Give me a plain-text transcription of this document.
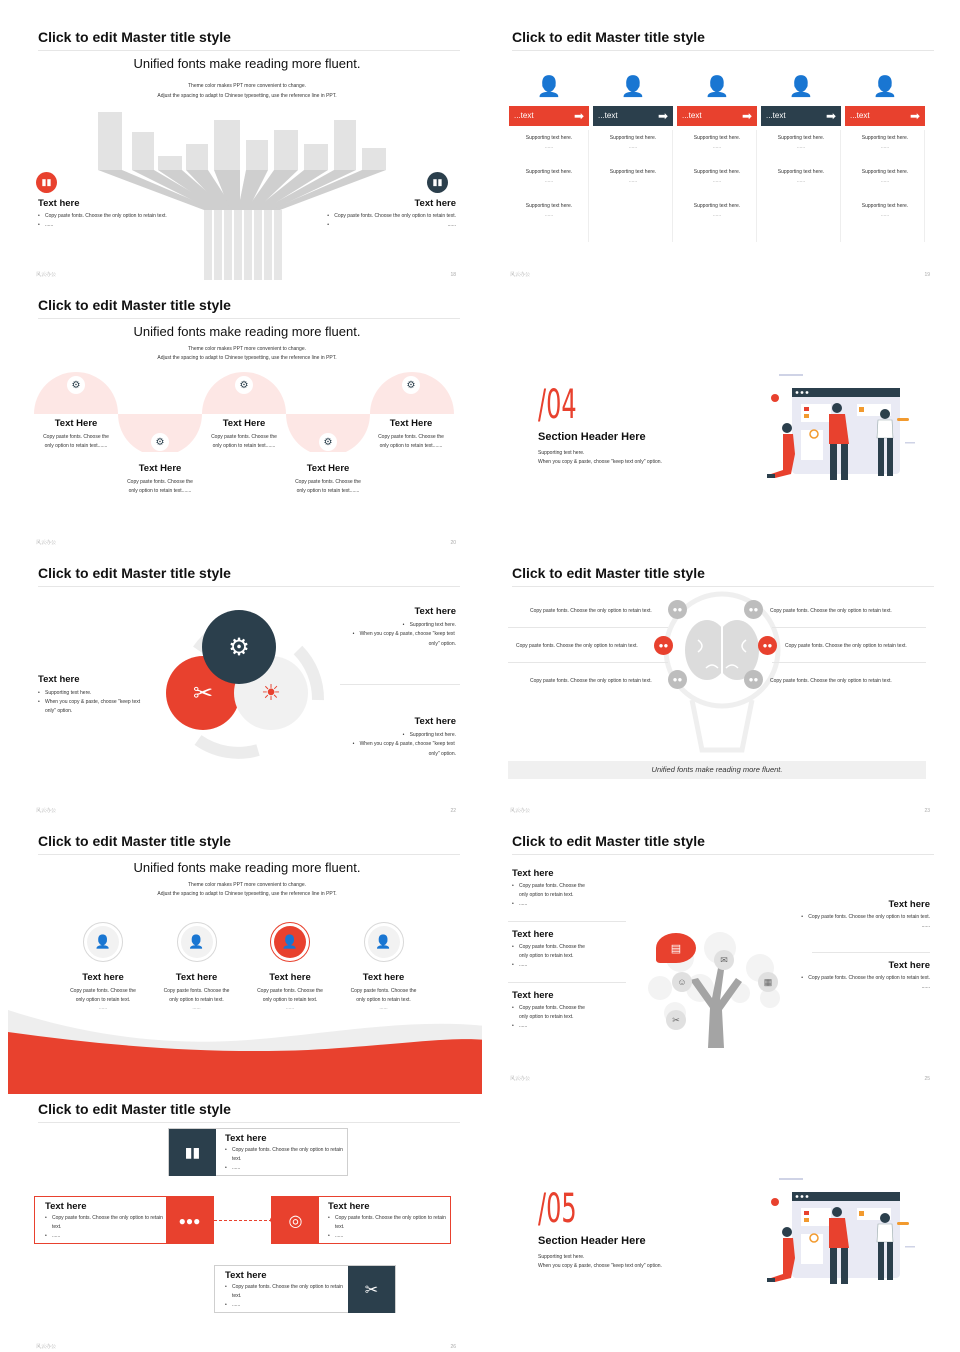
Click to edit Master title style
Unified fonts make reading more fluent.
Theme color makes PPT more convenient to change.
Adjust the spacing to adapt to Chinese typesetting, use the reference line in PPT.
▮▮
Text here
• Copy paste fonts. Choose the only option to retain text.
• ......
▮▮
Text here
• Copy paste fonts. Choose the only option to retain text.
• ......
风云办公	18
Click to edit Master title style
👤
...text	➡
Supporting text here.
......
Supporting text here.
......
Supporting text here.
......
👤
...text	➡
Supporting text here.
......
Supporting text here.
......
👤
...text	➡
Supporting text here.
......
Supporting text here.
......
Supporting text here.
......
👤
...text	➡
Supporting text here.
......
Supporting text here.
......
👤
...text	➡
Supporting text here.
......
Supporting text here.
......
Supporting text here.
......
风云办公	19
Click to edit Master title style
Unified fonts make reading more fluent.
Theme color makes PPT more convenient to change.
Adjust the spacing to adapt to Chinese typesetting, use the reference line in PPT.
⚙
⚙
⚙
⚙
⚙
Text Here
Copy paste fonts. Choose the
only option to retain text.......
Text Here
Copy paste fonts. Choose the
only option to retain text.......
Text Here
Copy paste fonts. Choose the
only option to retain text.......
Text Here
Copy paste fonts. Choose the
only option to retain text.......
Text Here
Copy paste fonts. Choose the
only option to retain text.......
风云办公	20
/04
Section Header Here
Supporting text here.
When you copy & paste, choose "keep text only" option.
Click to edit Master title style
✂	☀
⚙
Text here
• Supporting text here.
• When you copy & paste, choose "keep text
only" option.
Text here
• Supporting text here.
• When you copy & paste, choose "keep text
only" option.
Text here
• Supporting text here.
• When you copy & paste, choose "keep text
only" option.
风云办公	22
Click to edit Master title style
●●	●●
●●	●●
●●	●●
Copy paste fonts. Choose the only option to retain text.
Copy paste fonts. Choose the only option to retain text.
Copy paste fonts. Choose the only option to retain text.
Copy paste fonts. Choose the only option to retain text.
Copy paste fonts. Choose the only option to retain text.
Copy paste fonts. Choose the only option to retain text.
Unified fonts make reading more fluent.
风云办公	23
Click to edit Master title style
Unified fonts make reading more fluent.
Theme color makes PPT more convenient to change.
Adjust the spacing to adapt to Chinese typesetting, use the reference line in PPT.
👤
Text here
Copy paste fonts. Choose the
only option to retain text.
......
👤
Text here
Copy paste fonts. Choose the
only option to retain text.
......
👤
Text here
Copy paste fonts. Choose the
only option to retain text.
......
👤
Text here
Copy paste fonts. Choose the
only option to retain text.
......
Click to edit Master title style
Text here
• Copy paste fonts. Choose the
only option to retain text.
• ......
Text here
• Copy paste fonts. Choose the
only option to retain text.
• ......
Text here
• Copy paste fonts. Choose the
only option to retain text.
• ......
▤
☺
✉
▦
✂
Text here
• Copy paste fonts. Choose the only option to retain text.
......
Text here
• Copy paste fonts. Choose the only option to retain text.
......
风云办公	25
Click to edit Master title style
▮▮
Text here
• Copy paste fonts. Choose the only option to retain text.
• ......
Text here
• Copy paste fonts. Choose the only option to retain text.
• ......
●●●	◎
Text here
• Copy paste fonts. Choose the only option to retain text.
• ......
Text here
• Copy paste fonts. Choose the only option to retain text.
• ......
✂
风云办公	26
/05
Section Header Here
Supporting text here.
When you copy & paste, choose "keep text only" option.
